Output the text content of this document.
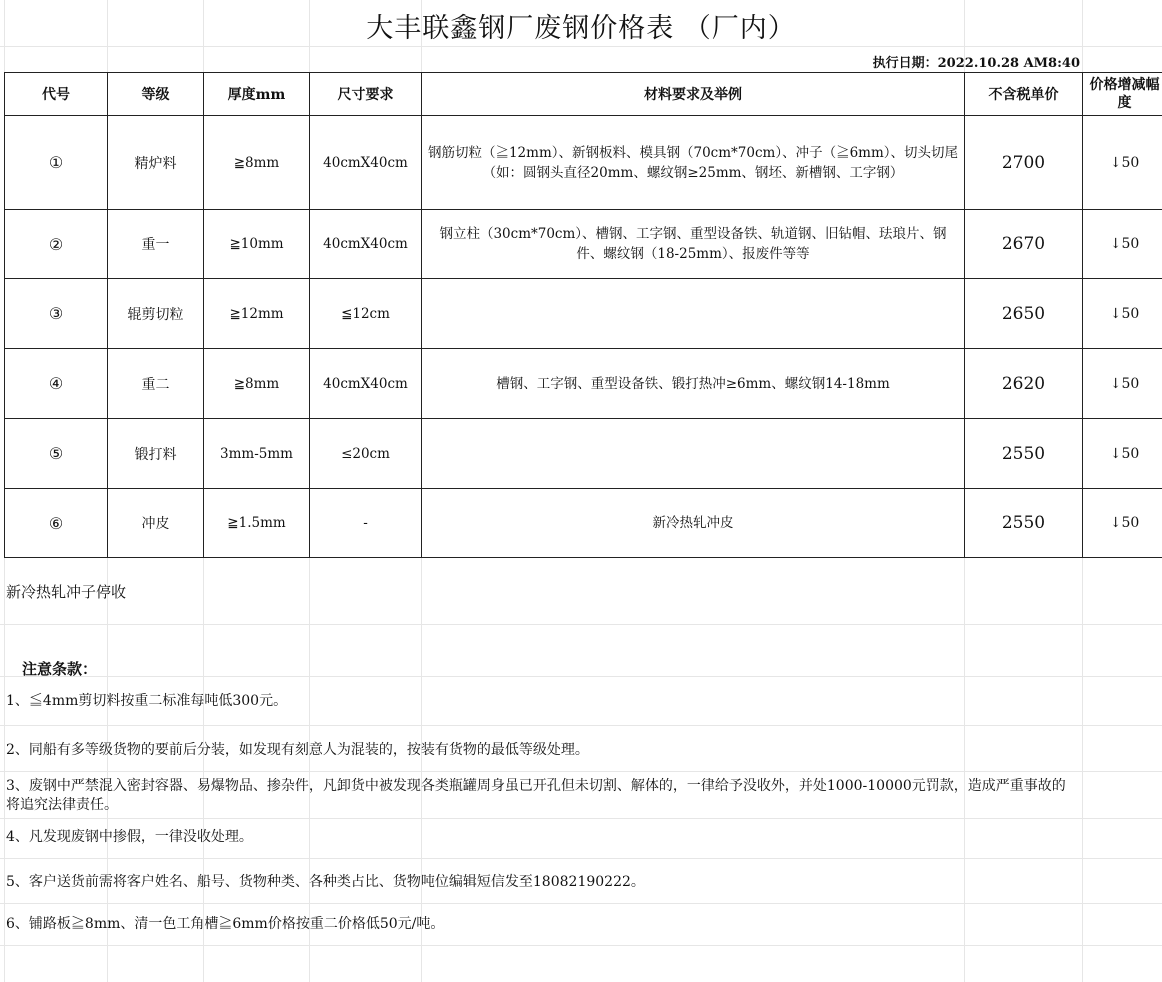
大丰联鑫钢厂废钢价格表 （厂内）
执行日期：2022.10.28 AM8:40
代号	等级	厚度mm	尺寸要求	材料要求及举例	不含税单价	价格增减幅度
①	精炉料	≧8mm	40cmX40cm	钢筋切粒（≧12mm）、新钢板料、模具钢（70cm*70cm）、冲子（≧6mm）、切头切尾（如：圆钢头直径20mm、螺纹钢≥25mm、钢坯、新槽钢、工字钢）	2700	↓50
②	重一	≧10mm	40cmX40cm	钢立柱（30cm*70cm）、槽钢、工字钢、重型设备铁、轨道钢、旧钻帽、珐琅片、钢件、螺纹钢（18-25mm）、报废件等等	2670	↓50
③	辊剪切粒	≧12mm	≦12cm		2650	↓50
④	重二	≧8mm	40cmX40cm	槽钢、工字钢、重型设备铁、锻打热冲≥6mm、螺纹钢14-18mm	2620	↓50
⑤	锻打料	3mm-5mm	≤20cm		2550	↓50
⑥	冲皮	≧1.5mm	-	新冷热轧冲皮	2550	↓50
新冷热轧冲子停收
注意条款：
1、≦4mm剪切料按重二标准每吨低300元。
2、同船有多等级货物的要前后分装，如发现有刻意人为混装的，按装有货物的最低等级处理。
3、废钢中严禁混入密封容器、易爆物品、掺杂件，凡卸货中被发现各类瓶罐周身虽已开孔但未切割、解体的，一律给予没收外，并处1000-10000元罚款，造成严重事故的将追究法律责任。
4、凡发现废钢中掺假，一律没收处理。
5、客户送货前需将客户姓名、船号、货物种类、各种类占比、货物吨位编辑短信发至18082190222。
6、铺路板≧8mm、清一色工角槽≧6mm价格按重二价格低50元/吨。
